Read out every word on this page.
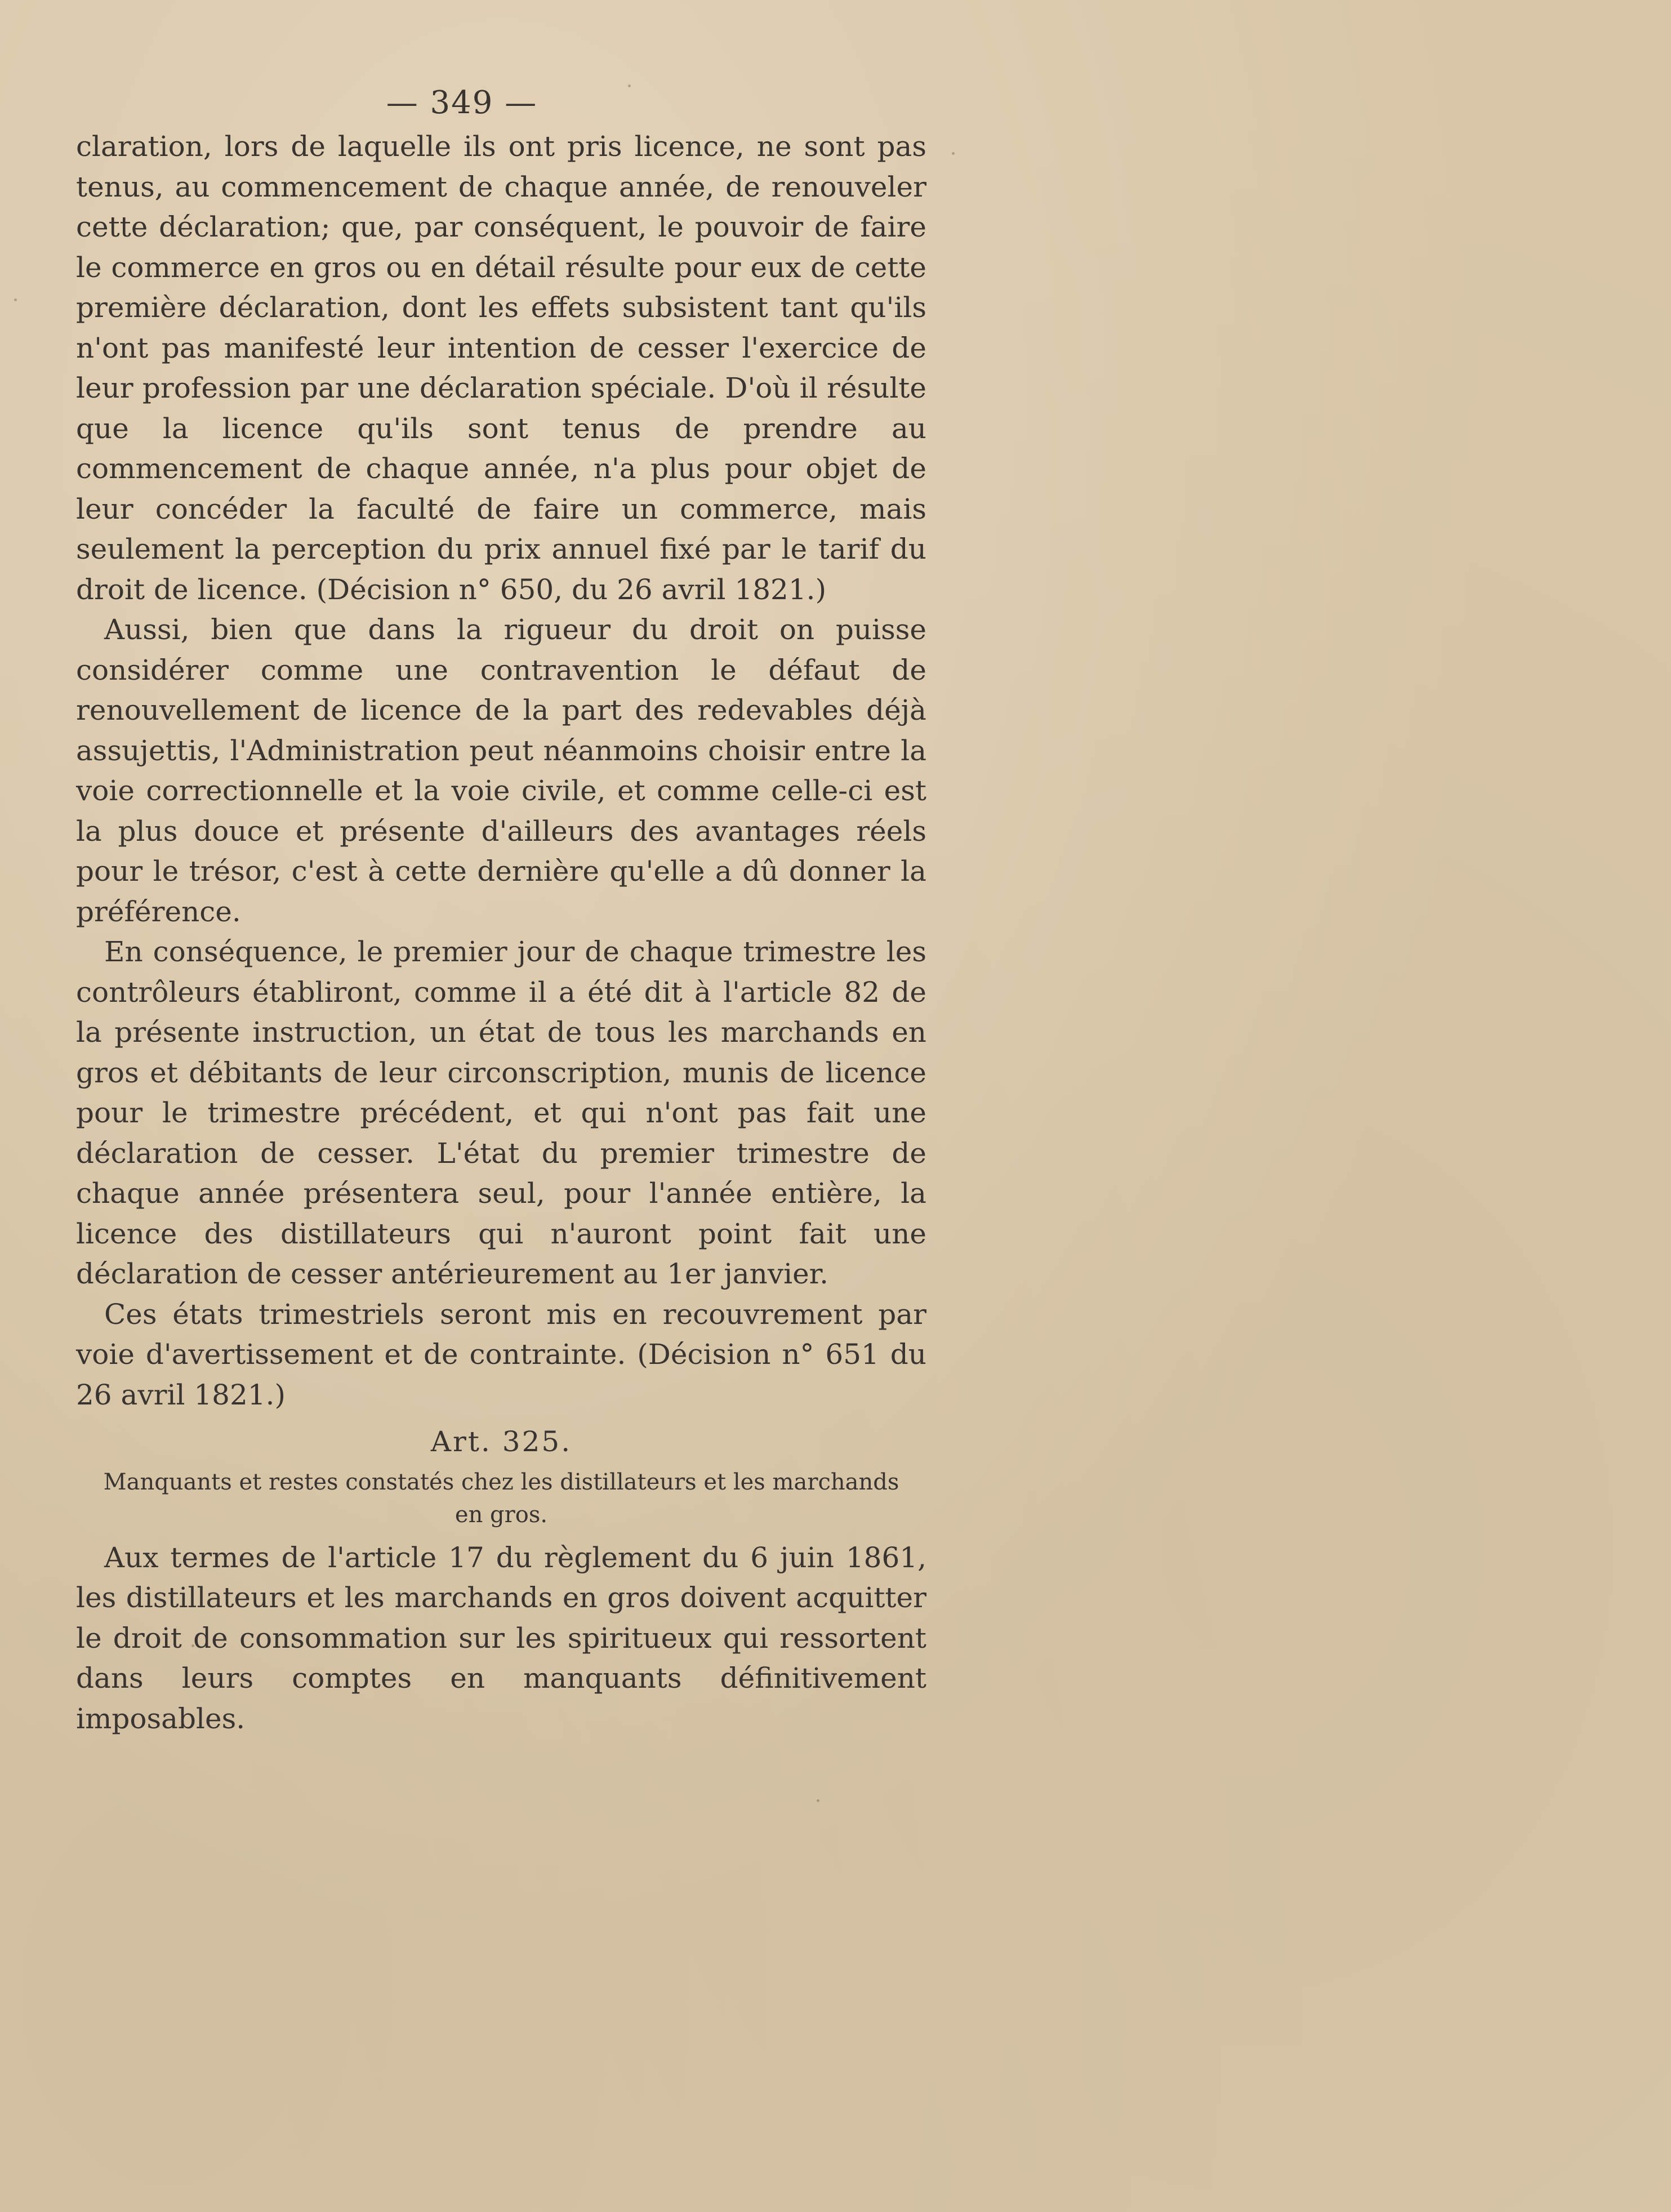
— 349 —

claration, lors de laquelle ils ont pris licence, ne sont pas tenus, au commencement de chaque année, de renouveler cette déclaration; que, par conséquent, le pouvoir de faire le commerce en gros ou en détail résulte pour eux de cette première déclaration, dont les effets subsistent tant qu'ils n'ont pas manifesté leur intention de cesser l'exercice de leur profession par une déclaration spéciale. D'où il résulte que la licence qu'ils sont tenus de prendre au commencement de chaque année, n'a plus pour objet de leur concéder la faculté de faire un commerce, mais seulement la perception du prix annuel fixé par le tarif du droit de licence. (Décision n° 650, du 26 avril 1821.)

Aussi, bien que dans la rigueur du droit on puisse considérer comme une contravention le défaut de renouvellement de licence de la part des redevables déjà assujettis, l'Administration peut néanmoins choisir entre la voie correctionnelle et la voie civile, et comme celle-ci est la plus douce et présente d'ailleurs des avantages réels pour le trésor, c'est à cette dernière qu'elle a dû donner la préférence.

En conséquence, le premier jour de chaque trimestre les contrôleurs établiront, comme il a été dit à l'article 82 de la présente instruction, un état de tous les marchands en gros et débitants de leur circonscription, munis de licence pour le trimestre précédent, et qui n'ont pas fait une déclaration de cesser. L'état du premier trimestre de chaque année présentera seul, pour l'année entière, la licence des distillateurs qui n'auront point fait une déclaration de cesser antérieurement au 1er janvier.

Ces états trimestriels seront mis en recouvrement par voie d'avertissement et de contrainte. (Décision n° 651 du 26 avril 1821.)

Art. 325.

Manquants et restes constatés chez les distillateurs et les marchands en gros.

Aux termes de l'article 17 du règlement du 6 juin 1861, les distillateurs et les marchands en gros doivent acquitter le droit de consommation sur les spiritueux qui ressortent dans leurs comptes en manquants définitivement imposables.
